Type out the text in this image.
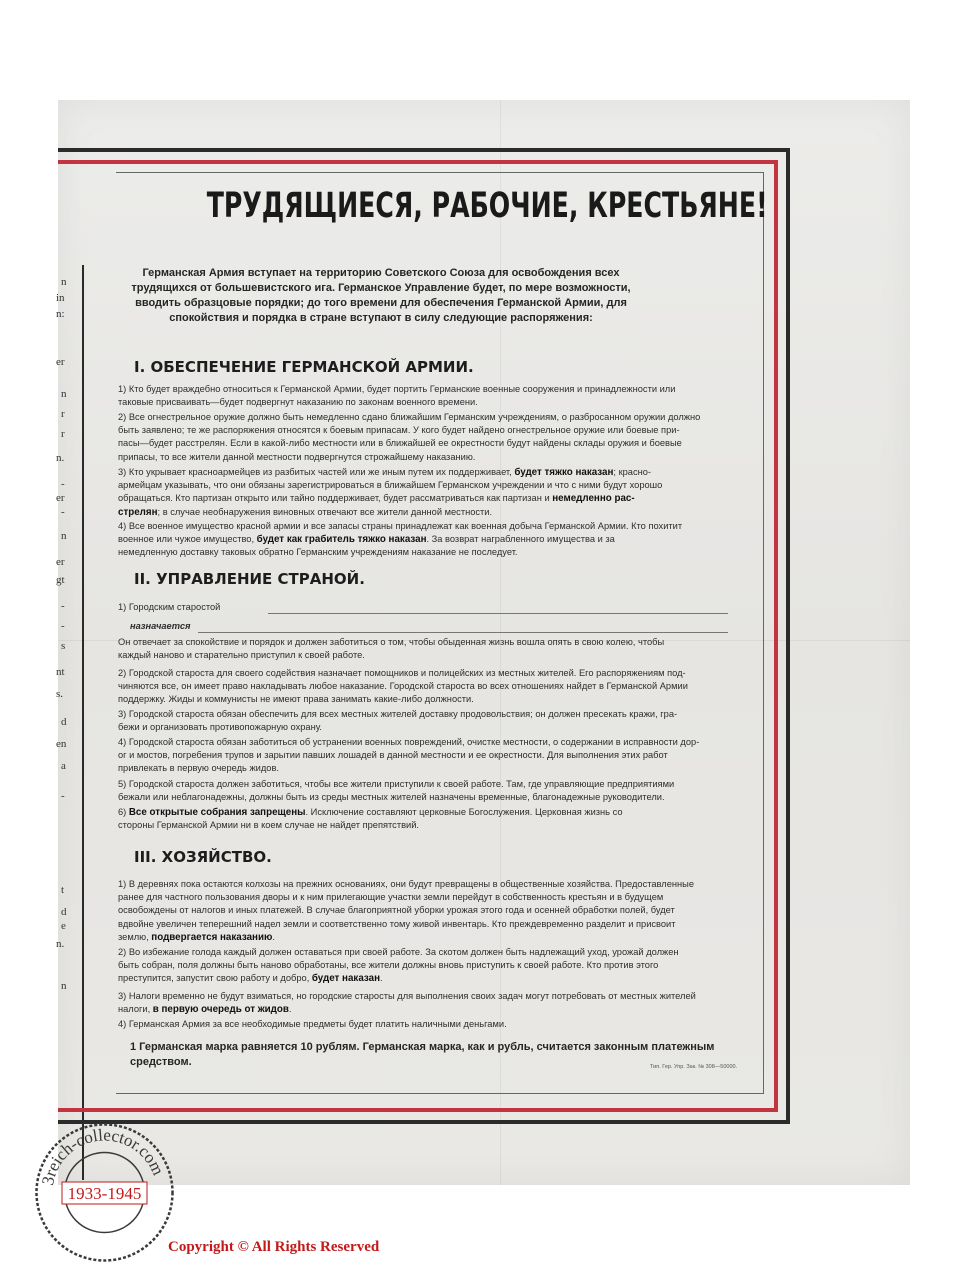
n
in
n:
er
n
r
r
n.
-
er
-
n
er
gt
-
-
s
nt
s.
d
en
a
-
t
d
e
n.
n
ТРУДЯЩИЕСЯ, РАБОЧИЕ, КРЕСТЬЯНЕ!
Германская Армия вступает на территорию Советского Союза для освобождения всех
трудящихся от большевистского ига. Германское Управление будет, по мере возможности,
вводить образцовые порядки; до того времени для обеспечения Германской Армии, для
спокойствия и порядка в стране вступают в силу следующие распоряжения:
I. ОБЕСПЕЧЕНИЕ ГЕРМАНСКОЙ АРМИИ.
1) Кто будет враждебно относиться к Германской Армии, будет портить Германские военные сооружения и принадлежности или
таковые присваивать—будет подвергнут наказанию по законам военного времени.
2) Все огнестрельное оружие должно быть немедленно сдано ближайшим Германским учреждениям, о разбросанном оружии должно
быть заявлено; те же распоряжения относятся к боевым припасам. У кого будет найдено огнестрельное оружие или боевые при-
пасы—будет расстрелян. Если в какой-либо местности или в ближайшей ее окрестности будут найдены склады оружия и боевые
припасы, то все жители данной местности подвергнутся строжайшему наказанию.
3) Кто укрывает красноармейцев из разбитых частей или же иным путем их поддерживает, будет тяжко наказан; красно-
армейцам указывать, что они обязаны зарегистрироваться в ближайшем Германском учреждении и что с ними будут хорошо
обращаться. Кто партизан открыто или тайно поддерживает, будет рассматриваться как партизан и немедленно рас-
стрелян; в случае необнаружения виновных отвечают все жители данной местности.
4) Все военное имущество красной армии и все запасы страны принадлежат как военная добыча Германской Армии. Кто похитит
военное или чужое имущество, будет как грабитель тяжко наказан. За возврат награбленного имущества и за
немедленную доставку таковых обратно Германским учреждениям наказание не последует.
II. УПРАВЛЕНИЕ СТРАНОЙ.
1) Городским старостой
назначается
Он отвечает за спокойствие и порядок и должен заботиться о том, чтобы обыденная жизнь вошла опять в свою колею, чтобы
каждый наново и старательно приступил к своей работе.
2) Городской староста для своего содействия назначает помощников и полицейских из местных жителей. Его распоряжениям под-
чиняются все, он имеет право накладывать любое наказание. Городской староста во всех отношениях найдет в Германской Армии
поддержку. Жиды и коммунисты не имеют права занимать какие-либо должности.
3) Городской староста обязан обеспечить для всех местных жителей доставку продовольствия; он должен пресекать кражи, гра-
бежи и организовать противопожарную охрану.
4) Городской староста обязан заботиться об устранении военных повреждений, очистке местности, о содержании в исправности дор-
ог и мостов, погребения трупов и зарытии павших лошадей в данной местности и ее окрестности. Для выполнения этих работ
привлекать в первую очередь жидов.
5) Городской староста должен заботиться, чтобы все жители приступили к своей работе. Там, где управляющие предприятиями
бежали или неблагонадежны, должны быть из среды местных жителей назначены временные, благонадежные руководители.
6) Все открытые собрания запрещены. Исключение составляют церковные Богослужения. Церковная жизнь со
стороны Германской Армии ни в коем случае не найдет препятствий.
III. ХОЗЯЙСТВО.
1) В деревнях пока остаются колхозы на прежних основаниях, они будут превращены в общественные хозяйства. Предоставленные
ранее для частного пользования дворы и к ним прилегающие участки земли перейдут в собственность крестьян и в будущем
освобождены от налогов и иных платежей. В случае благоприятной уборки урожая этого года и осенней обработки полей, будет
вдвойне увеличен теперешний надел земли и соответственно тому живой инвентарь. Кто преждевременно разделит и присвоит
землю, подвергается наказанию.
2) Во избежание голода каждый должен оставаться при своей работе. За скотом должен быть надлежащий уход, урожай должен
быть собран, поля должны быть наново обработаны, все жители должны вновь приступить к своей работе. Кто против этого
преступится, запустит свою работу и добро, будет наказан.
3) Налоги временно не будут взиматься, но городские старосты для выполнения своих задач могут потребовать от местных жителей
налоги, в первую очередь от жидов.
4) Германская Армия за все необходимые предметы будет платить наличными деньгами.
1 Германская марка равняется 10 рублям. Германская марка, как и рубль, считается законным платежным
средством.	Тип. Гер. Упр. Зак. № 308—50000.
3reich-collector.com
1933-1945
Copyright © All Rights Reserved
